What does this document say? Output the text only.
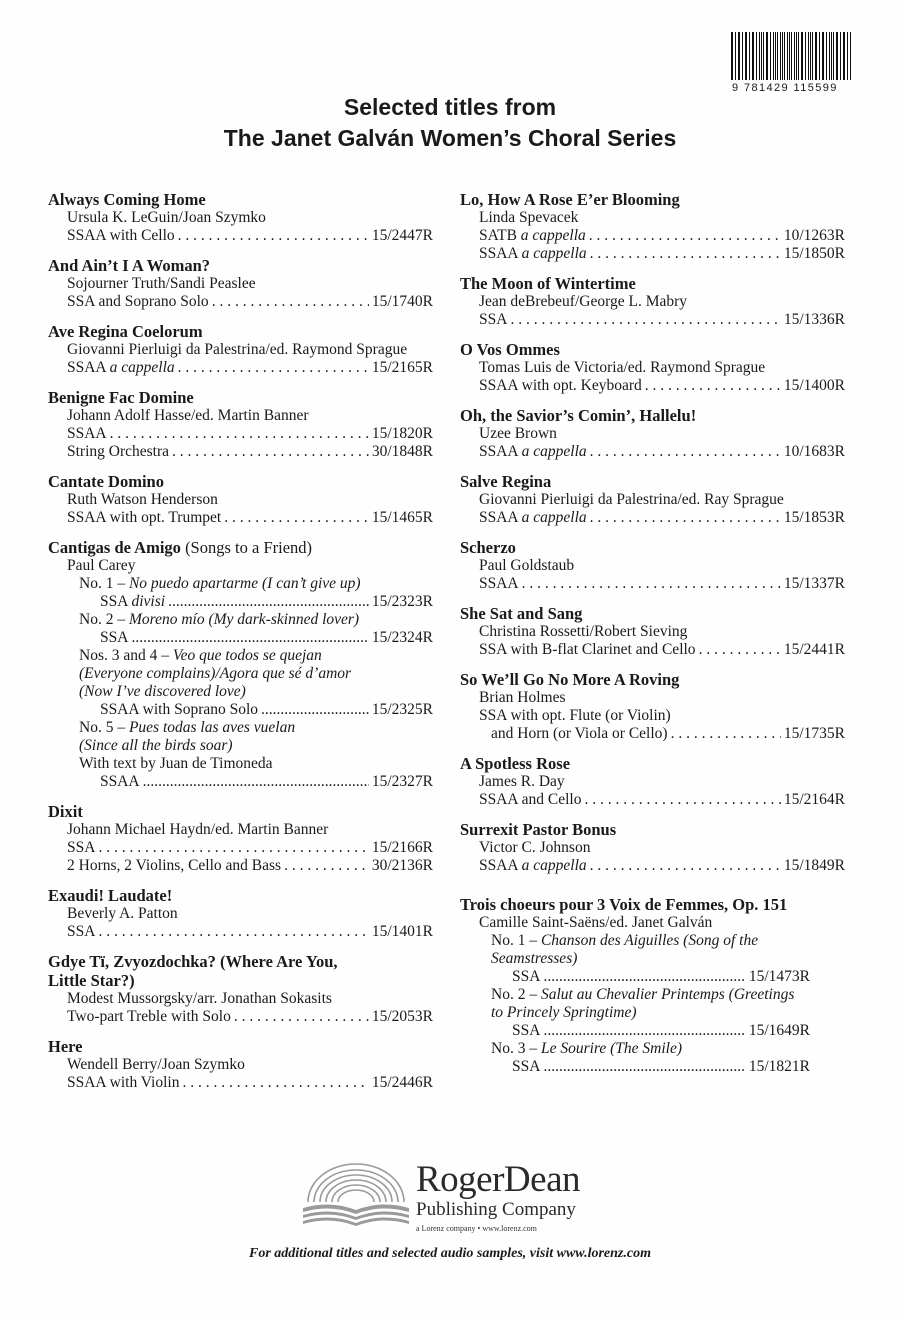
9 781429 115599
Selected titles from
The Janet Galván Women’s Choral Series
Always Coming Home
Ursula K. LeGuin/Joan Szymko
SSAA with Cello . . .	15/2447R
And Ain’t I A Woman?
Sojourner Truth/Sandi Peaslee
SSA and Soprano Solo . . .	15/1740R
Ave Regina Coelorum
Giovanni Pierluigi da Palestrina/ed. Raymond Sprague
SSAA a cappella . . .	15/2165R
Benigne Fac Domine
Johann Adolf Hasse/ed. Martin Banner
SSAA . . .	15/1820R
String Orchestra . . .	30/1848R
Cantate Domino
Ruth Watson Henderson
SSAA with opt. Trumpet . . .	15/1465R
Cantigas de Amigo (Songs to a Friend)
Paul Carey
No. 1 – No puedo apartarme (I can’t give up)
SSA divisi .....	15/2323R
No. 2 – Moreno mío (My dark-skinned lover)
SSA .....	15/2324R
Nos. 3 and 4 – Veo que todos se quejan
(Everyone complains)/Agora que sé d’amor
(Now I’ve discovered love)
SSAA with Soprano Solo .....	15/2325R
No. 5 – Pues todas las aves vuelan
(Since all the birds soar)
With text by Juan de Timoneda
SSAA .....	15/2327R
Dixit
Johann Michael Haydn/ed. Martin Banner
SSA . . .	15/2166R
2 Horns, 2 Violins, Cello and Bass . . .	30/2136R
Exaudi! Laudate!
Beverly A. Patton
SSA . . .	15/1401R
Gdye Tï, Zvyozdochka? (Where Are You,
Little Star?)
Modest Mussorgsky/arr. Jonathan Sokasits
Two-part Treble with Solo . . .	15/2053R
Here
Wendell Berry/Joan Szymko
SSAA with Violin . . .	15/2446R
Lo, How A Rose E’er Blooming
Linda Spevacek
SATB a cappella . . .	10/1263R
SSAA a cappella . . .	15/1850R
The Moon of Wintertime
Jean deBrebeuf/George L. Mabry
SSA . . .	15/1336R
O Vos Ommes
Tomas Luis de Victoria/ed. Raymond Sprague
SSAA with opt. Keyboard . . .	15/1400R
Oh, the Savior’s Comin’, Hallelu!
Uzee Brown
SSAA a cappella . . .	10/1683R
Salve Regina
Giovanni Pierluigi da Palestrina/ed. Ray Sprague
SSAA a cappella . . .	15/1853R
Scherzo
Paul Goldstaub
SSAA . . .	15/1337R
She Sat and Sang
Christina Rossetti/Robert Sieving
SSA with B-flat Clarinet and Cello . . .	15/2441R
So We’ll Go No More A Roving
Brian Holmes
SSA with opt. Flute (or Violin)
and Horn (or Viola or Cello) . . .	15/1735R
A Spotless Rose
James R. Day
SSAA and Cello . . .	15/2164R
Surrexit Pastor Bonus
Victor C. Johnson
SSAA a cappella . . .	15/1849R
Trois choeurs pour 3 Voix de Femmes, Op. 151
Camille Saint-Saëns/ed. Janet Galván
No. 1 – Chanson des Aiguilles (Song of the
Seamstresses)
SSA .....	15/1473R
No. 2 – Salut au Chevalier Printemps (Greetings
to Princely Springtime)
SSA .....	15/1649R
No. 3 – Le Sourire (The Smile)
SSA .....	15/1821R
RogerDean
Publishing Company
a Lorenz company • www.lorenz.com
For additional titles and selected audio samples, visit www.lorenz.com
